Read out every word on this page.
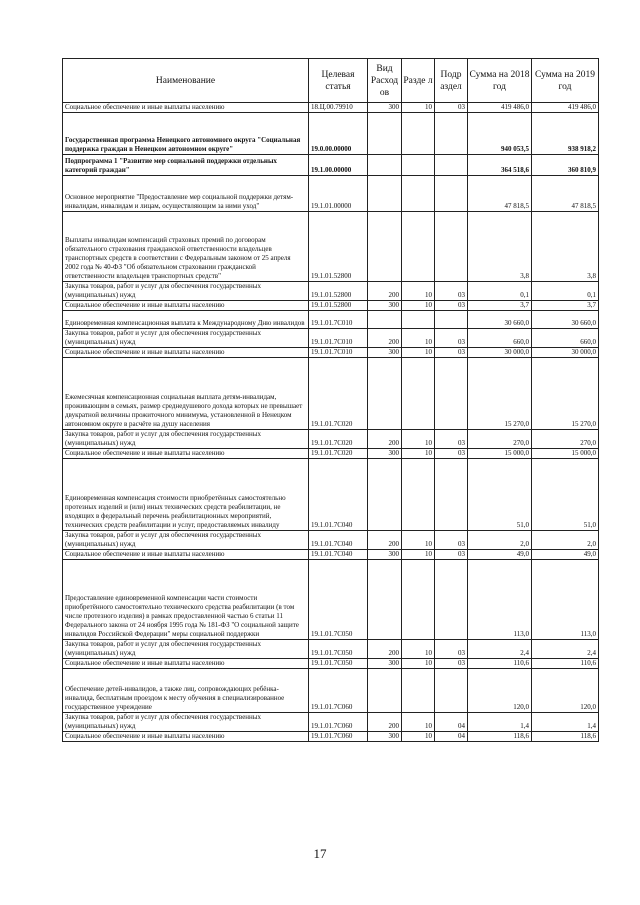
Наименование	Целевая статья	Вид Расход ов	Разде л	Подр аздел	Сумма на 2018 год	Сумма на 2019 год
Социальное обеспечение и иные выплаты населению	18.Ц.00.79910	300	10	03	419 486,0	419 486,0
Государственная программа Ненецкого автономного округа "Социальная поддержка граждан в Ненецком автономном округе"	19.0.00.00000				940 053,5	938 918,2
Подпрограмма 1 "Развитие мер социальной поддержки отдельных категорий граждан"	19.1.00.00000				364 518,6	360 810,9
Основное мероприятие "Предоставление мер социальной поддержки детям-инвалидам, инвалидам и лицам, осуществляющим за ними уход"	19.1.01.00000				47 818,5	47 818,5
Выплаты инвалидам компенсаций страховых премий по договорам обязательного страхования гражданской ответственности владельцев транспортных средств в соответствии с Федеральным законом от 25 апреля 2002 года № 40-ФЗ "Об обязательном страховании гражданской ответственности владельцев транспортных средств"	19.1.01.52800				3,8	3,8
Закупка товаров, работ и услуг для обеспечения государственных (муниципальных) нужд	19.1.01.52800	200	10	03	0,1	0,1
Социальное обеспечение и иные выплаты населению	19.1.01.52800	300	10	03	3,7	3,7
Единовременная компенсационная выплата к Международному Дню инвалидов	19.1.01.7С010				30 660,0	30 660,0
Закупка товаров, работ и услуг для обеспечения государственных (муниципальных) нужд	19.1.01.7С010	200	10	03	660,0	660,0
Социальное обеспечение и иные выплаты населению	19.1.01.7С010	300	10	03	30 000,0	30 000,0
Ежемесячная компенсационная социальная выплата детям-инвалидам, проживающим в семьях, размер среднедушевого дохода которых не превышает двукратной величины прожиточного минимума, установленной в Ненецком автономном округе в расчёте на душу населения	19.1.01.7С020				15 270,0	15 270,0
Закупка товаров, работ и услуг для обеспечения государственных (муниципальных) нужд	19.1.01.7С020	200	10	03	270,0	270,0
Социальное обеспечение и иные выплаты населению	19.1.01.7С020	300	10	03	15 000,0	15 000,0
Единовременная компенсация стоимости приобретённых самостоятельно протезных изделий и (или) иных технических средств реабилитации, не входящих в федеральный перечень реабилитационных мероприятий, технических средств реабилитации и услуг, предоставляемых инвалиду	19.1.01.7С040				51,0	51,0
Закупка товаров, работ и услуг для обеспечения государственных (муниципальных) нужд	19.1.01.7С040	200	10	03	2,0	2,0
Социальное обеспечение и иные выплаты населению	19.1.01.7С040	300	10	03	49,0	49,0
Предоставление единовременной компенсации части стоимости приобретённого самостоятельно технического средства реабилитации (в том числе протезного изделия) в рамках предоставленной частью 6 статьи 11 Федерального закона от 24 ноября 1995 года № 181-ФЗ "О социальной защите инвалидов Российской Федерации" меры социальной поддержки	19.1.01.7С050				113,0	113,0
Закупка товаров, работ и услуг для обеспечения государственных (муниципальных) нужд	19.1.01.7С050	200	10	03	2,4	2,4
Социальное обеспечение и иные выплаты населению	19.1.01.7С050	300	10	03	110,6	110,6
Обеспечение детей-инвалидов, а также лиц, сопровождающих ребёнка-инвалида, бесплатным проездом к месту обучения в специализированное государственное учреждение	19.1.01.7С060				120,0	120,0
Закупка товаров, работ и услуг для обеспечения государственных (муниципальных) нужд	19.1.01.7С060	200	10	04	1,4	1,4
Социальное обеспечение и иные выплаты населению	19.1.01.7С060	300	10	04	118,6	118,6
17
